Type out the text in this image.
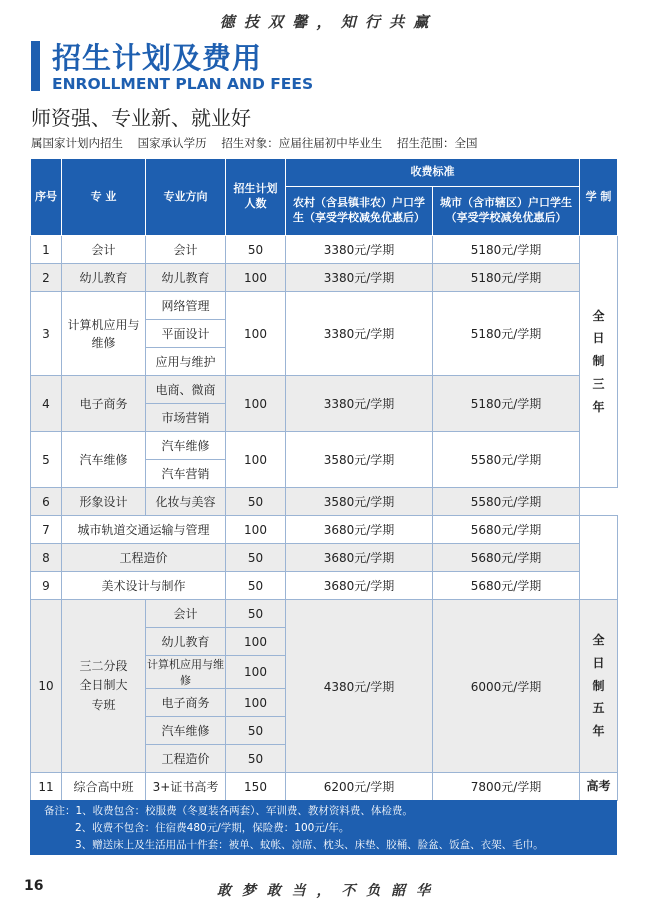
德 技 双 馨 ， 知 行 共 赢
招生计划及费用
ENROLLMENT PLAN AND FEES
师资强、专业新、就业好
属国家计划内招生 国家承认学历 招生对象：应届往届初中毕业生 招生范围：全国
序号	专 业	专业方向	招生计划人数	收费标准		学 制
				农村（含县镇非农）户口学生（享受学校减免优惠后）	城市（含市辖区）户口学生（享受学校减免优惠后）	
1	会计	会计	50	3380元/学期	5180元/学期	全
日
制
三
年

2	幼儿教育	幼儿教育	100	3380元/学期	5180元/学期	
3	计算机应用与维修	网络管理	100	3380元/学期	5180元/学期	
		平面设计				
		应用与维护				
4	电子商务	电商、微商	100	3380元/学期	5180元/学期	
		市场营销				
5	汽车维修	汽车维修	100	3580元/学期	5580元/学期	
		汽车营销				
6	形象设计	化妆与美容	50	3580元/学期	5580元/学期	
7	城市轨道交通运输与管理		100	3680元/学期	5680元/学期	
8	工程造价		50	3680元/学期	5680元/学期	
9	美术设计与制作		50	3680元/学期	5680元/学期	
10	三二分段全日制大专班	会计	50	4380元/学期	6000元/学期	全
日
制
五
年

		幼儿教育	100			
		计算机应用与维修	100			
		电子商务	100			
		汽车维修	50			
		工程造价	50			
11	综合高中班	3+证书高考	150	6200元/学期	7800元/学期	高考
备注：1、收费包含：校服费（冬夏装各两套）、军训费、教材资料费、体检费。
2、收费不包含：住宿费480元/学期，保险费：100元/年。
3、赠送床上及生活用品十件套：被单、蚊帐、凉席、枕头、床垫、胶桶、脸盆、饭盒、衣架、毛巾。
16	敢 梦 敢 当 ， 不 负 韶 华
